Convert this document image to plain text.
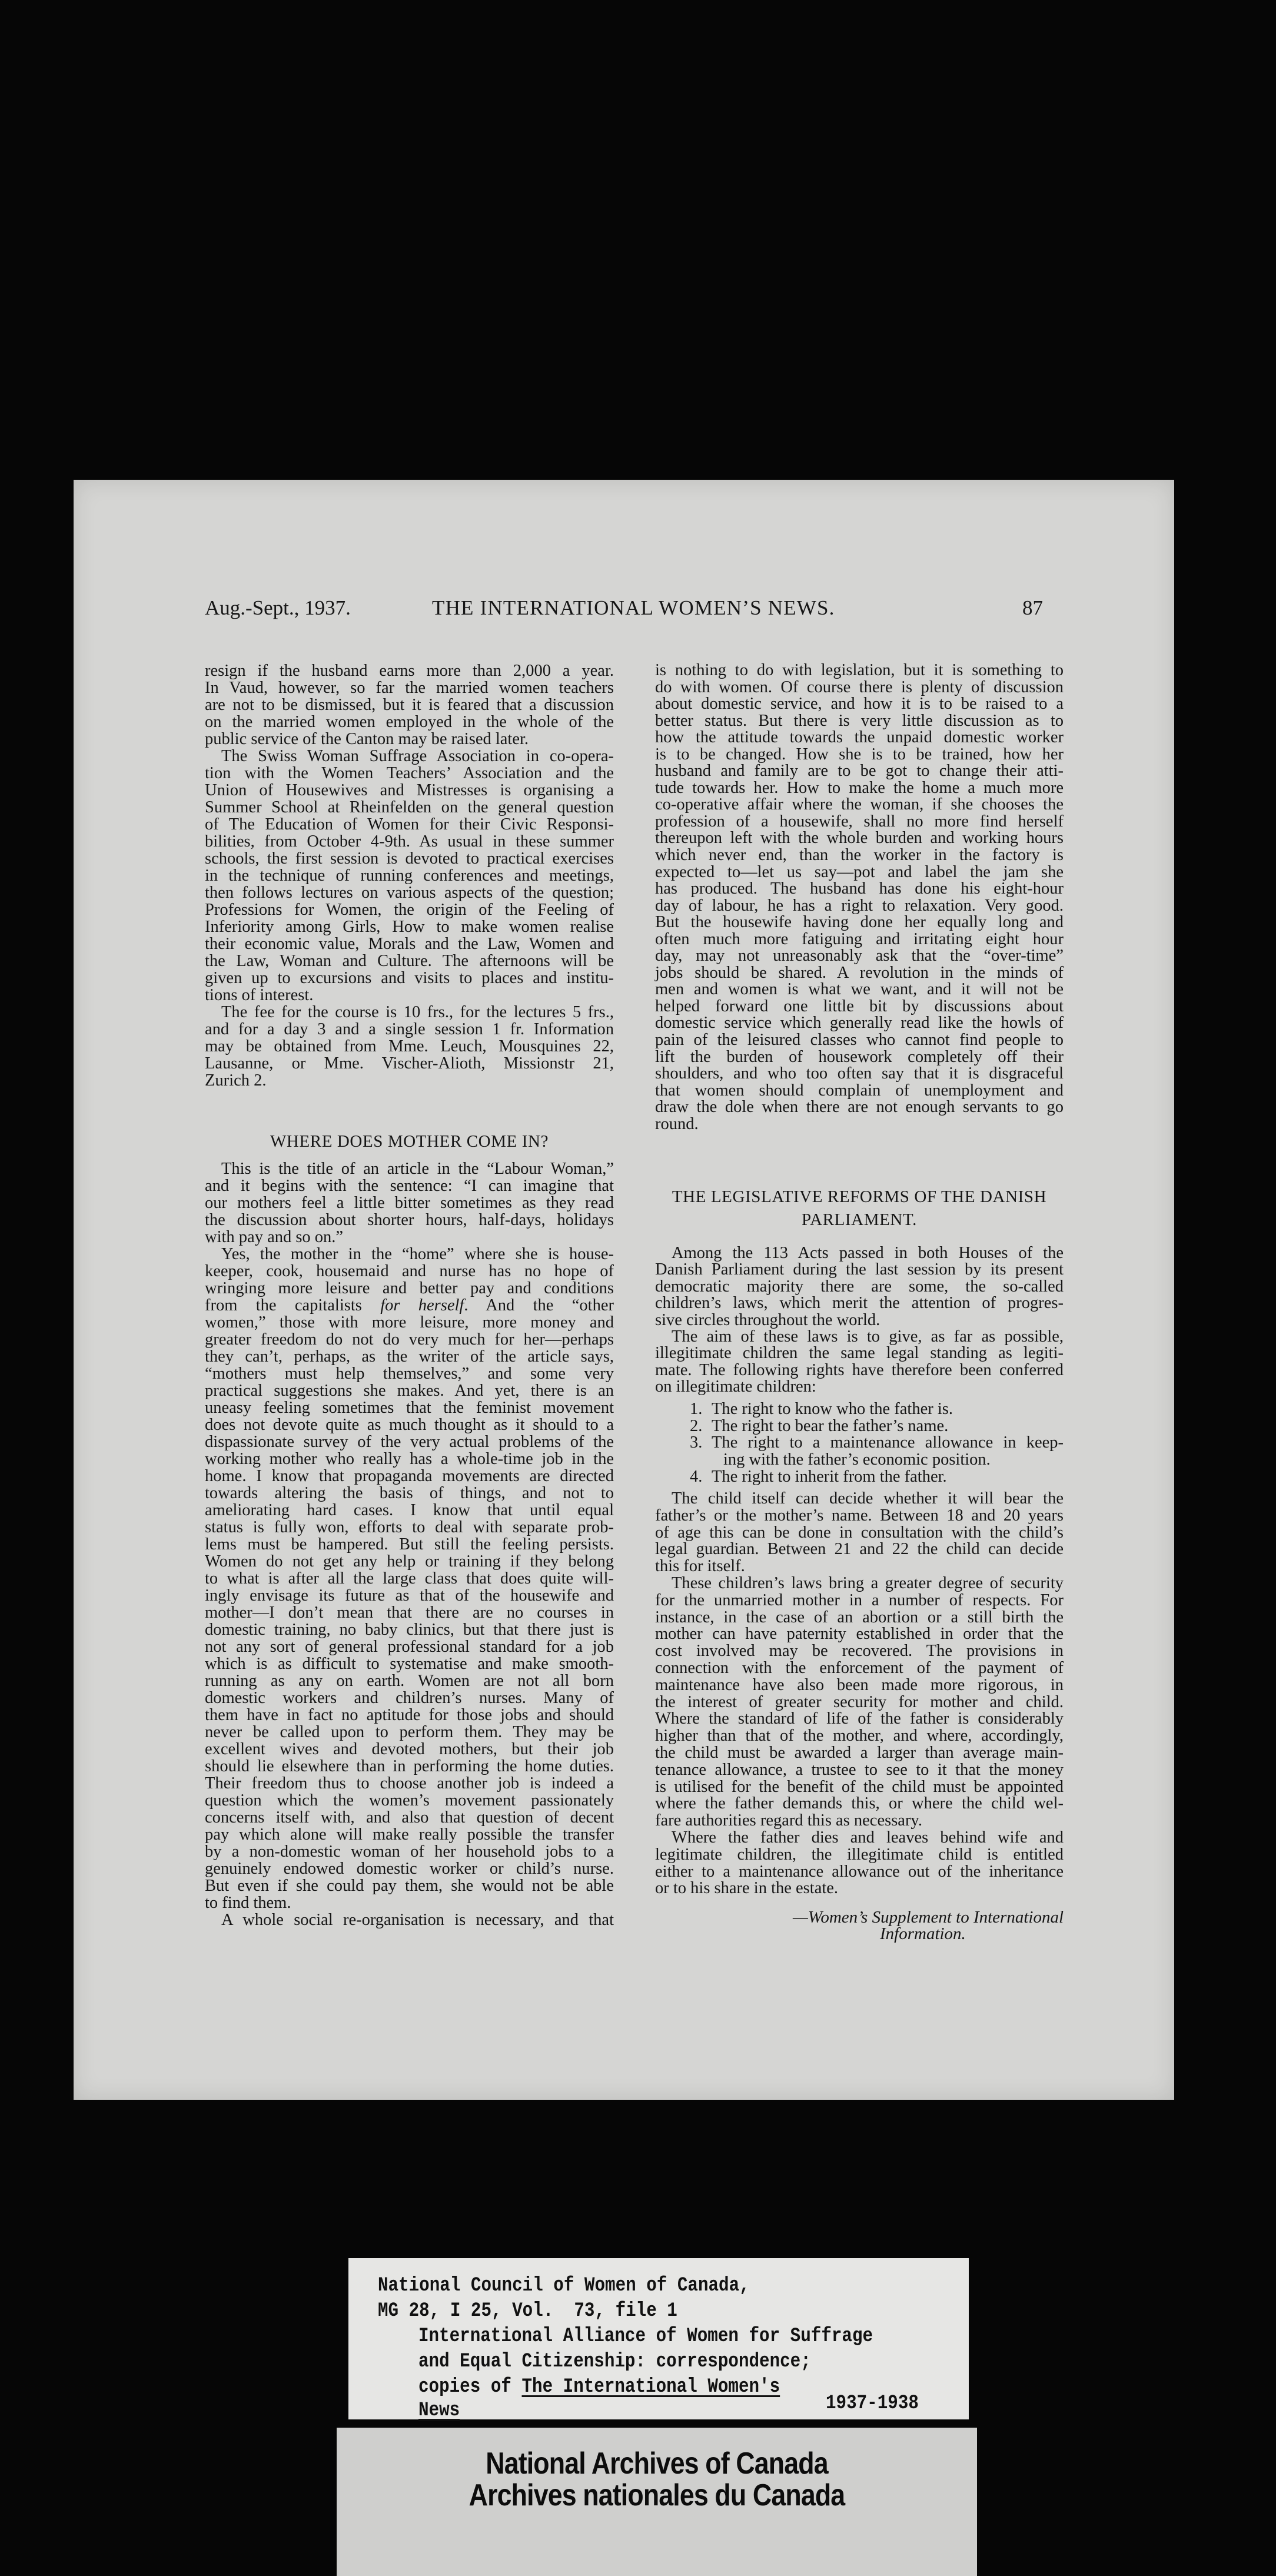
Aug.-Sept., 1937.	THE INTERNATIONAL WOMEN’S NEWS.	87
resign if the husband earns more than 2,000 a year.
In Vaud, however, so far the married women teachers
are not to be dismissed, but it is feared that a discussion
on the married women employed in the whole of the
public service of the Canton may be raised later.
The Swiss Woman Suffrage Association in co-opera-
tion with the Women Teachers’ Association and the
Union of Housewives and Mistresses is organising a
Summer School at Rheinfelden on the general question
of The Education of Women for their Civic Responsi-
bilities, from October 4-9th. As usual in these summer
schools, the first session is devoted to practical exercises
in the technique of running conferences and meetings,
then follows lectures on various aspects of the question;
Professions for Women, the origin of the Feeling of
Inferiority among Girls, How to make women realise
their economic value, Morals and the Law, Women and
the Law, Woman and Culture. The afternoons will be
given up to excursions and visits to places and institu-
tions of interest.
The fee for the course is 10 frs., for the lectures 5 frs.,
and for a day 3 and a single session 1 fr. Information
may be obtained from Mme. Leuch, Mousquines 22,
Lausanne, or Mme. Vischer-Alioth, Missionstr 21,
Zurich 2.
WHERE DOES MOTHER COME IN?
This is the title of an article in the “Labour Woman,”
and it begins with the sentence: “I can imagine that
our mothers feel a little bitter sometimes as they read
the discussion about shorter hours, half-days, holidays
with pay and so on.”
Yes, the mother in the “home” where she is house-
keeper, cook, housemaid and nurse has no hope of
wringing more leisure and better pay and conditions
from the capitalists for herself. And the “other
women,” those with more leisure, more money and
greater freedom do not do very much for her—perhaps
they can’t, perhaps, as the writer of the article says,
“mothers must help themselves,” and some very
practical suggestions she makes. And yet, there is an
uneasy feeling sometimes that the feminist movement
does not devote quite as much thought as it should to a
dispassionate survey of the very actual problems of the
working mother who really has a whole-time job in the
home. I know that propaganda movements are directed
towards altering the basis of things, and not to
ameliorating hard cases. I know that until equal
status is fully won, efforts to deal with separate prob-
lems must be hampered. But still the feeling persists.
Women do not get any help or training if they belong
to what is after all the large class that does quite will-
ingly envisage its future as that of the housewife and
mother—I don’t mean that there are no courses in
domestic training, no baby clinics, but that there just is
not any sort of general professional standard for a job
which is as difficult to systematise and make smooth-
running as any on earth. Women are not all born
domestic workers and children’s nurses. Many of
them have in fact no aptitude for those jobs and should
never be called upon to perform them. They may be
excellent wives and devoted mothers, but their job
should lie elsewhere than in performing the home duties.
Their freedom thus to choose another job is indeed a
question which the women’s movement passionately
concerns itself with, and also that question of decent
pay which alone will make really possible the transfer
by a non-domestic woman of her household jobs to a
genuinely endowed domestic worker or child’s nurse.
But even if she could pay them, she would not be able
to find them.
A whole social re-organisation is necessary, and that
is nothing to do with legislation, but it is something to
do with women. Of course there is plenty of discussion
about domestic service, and how it is to be raised to a
better status. But there is very little discussion as to
how the attitude towards the unpaid domestic worker
is to be changed. How she is to be trained, how her
husband and family are to be got to change their atti-
tude towards her. How to make the home a much more
co-operative affair where the woman, if she chooses the
profession of a housewife, shall no more find herself
thereupon left with the whole burden and working hours
which never end, than the worker in the factory is
expected to—let us say—pot and label the jam she
has produced. The husband has done his eight-hour
day of labour, he has a right to relaxation. Very good.
But the housewife having done her equally long and
often much more fatiguing and irritating eight hour
day, may not unreasonably ask that the “over-time”
jobs should be shared. A revolution in the minds of
men and women is what we want, and it will not be
helped forward one little bit by discussions about
domestic service which generally read like the howls of
pain of the leisured classes who cannot find people to
lift the burden of housework completely off their
shoulders, and who too often say that it is disgraceful
that women should complain of unemployment and
draw the dole when there are not enough servants to go
round.
THE LEGISLATIVE REFORMS OF THE DANISH
PARLIAMENT.
Among the 113 Acts passed in both Houses of the
Danish Parliament during the last session by its present
democratic majority there are some, the so-called
children’s laws, which merit the attention of progres-
sive circles throughout the world.
The aim of these laws is to give, as far as possible,
illegitimate children the same legal standing as legiti-
mate. The following rights have therefore been conferred
on illegitimate children:
1. The right to know who the father is.
2. The right to bear the father’s name.
3. The right to a maintenance allowance in keep-
ing with the father’s economic position.
4. The right to inherit from the father.
The child itself can decide whether it will bear the
father’s or the mother’s name. Between 18 and 20 years
of age this can be done in consultation with the child’s
legal guardian. Between 21 and 22 the child can decide
this for itself.
These children’s laws bring a greater degree of security
for the unmarried mother in a number of respects. For
instance, in the case of an abortion or a still birth the
mother can have paternity established in order that the
cost involved may be recovered. The provisions in
connection with the enforcement of the payment of
maintenance have also been made more rigorous, in
the interest of greater security for mother and child.
Where the standard of life of the father is considerably
higher than that of the mother, and where, accordingly,
the child must be awarded a larger than average main-
tenance allowance, a trustee to see to it that the money
is utilised for the benefit of the child must be appointed
where the father demands this, or where the child wel-
fare authorities regard this as necessary.
Where the father dies and leaves behind wife and
legitimate children, the illegitimate child is entitled
either to a maintenance allowance out of the inheritance
or to his share in the estate.
—Women’s Supplement to International
Information.
National Council of Women of Canada,
MG 28, I 25, Vol.  73, file 1
International Alliance of Women for Suffrage
and Equal Citizenship: correspondence;
copies of The International Women's
News	1937-1938
National Archives of Canada
Archives nationales du Canada
